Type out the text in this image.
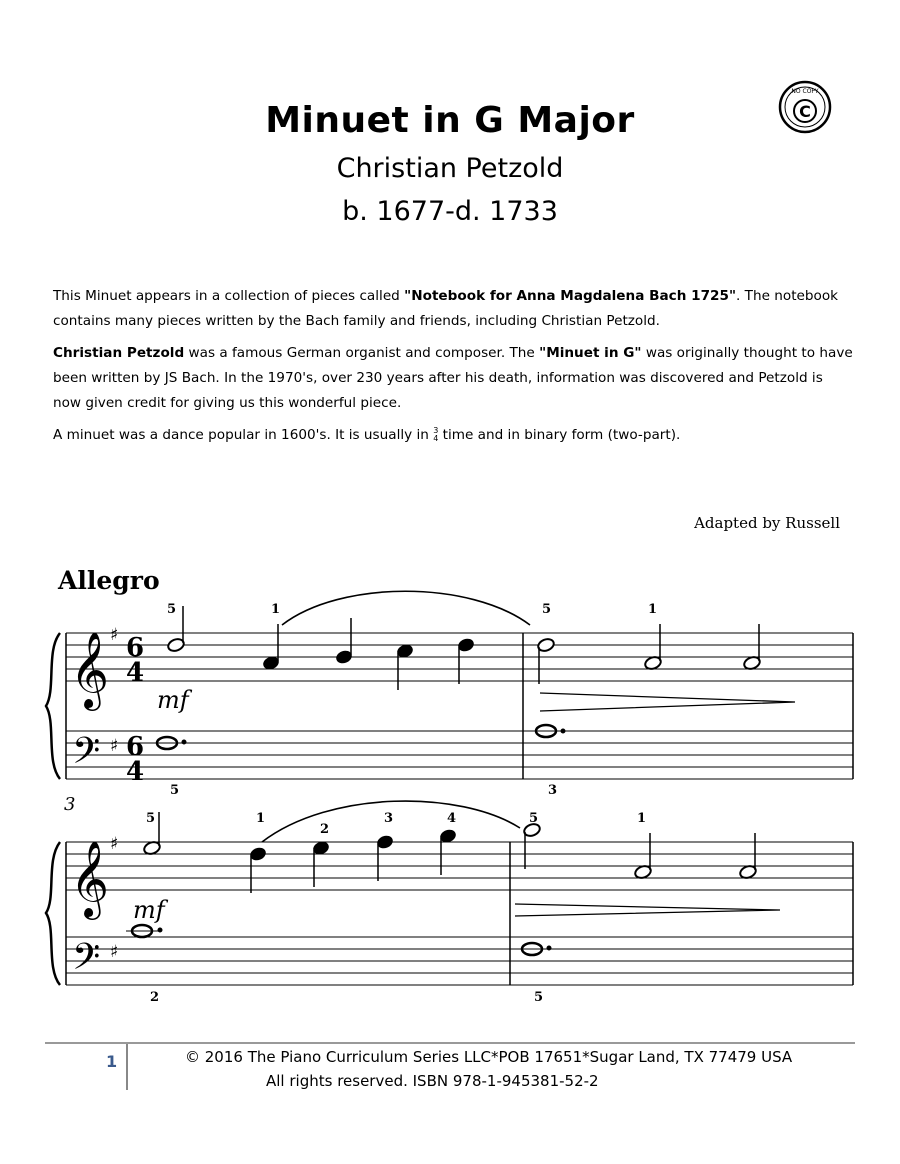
NO COPY
C
Minuet in G Major
Christian Petzold
b. 1677-d. 1733

This Minuet appears in a collection of pieces called "Notebook for Anna Magdalena Bach 1725". The notebook contains many pieces written by the Bach family and friends, including Christian Petzold.

Christian Petzold was a famous German organist and composer. The "Minuet in G" was originally thought to have been written by JS Bach. In the 1970's, over 230 years after his death, information was discovered and Petzold is now given credit for giving us this wonderful piece.

A minuet was a dance popular in 1600's. It is usually in 3
4 time and in binary form (two-part).

Adapted by Russell
Allegro
𝄞
𝄢
𝄞
𝄢
♯
♯
♯
♯
6
4
6
4
mf
mf
3
5	1	5	1
5	3
5	1
2
3	4	5	1
2	5
1	© 2016 The Piano Curriculum Series LLC*POB 17651*Sugar Land, TX 77479 USA
All rights reserved. ISBN 978-1-945381-52-2
